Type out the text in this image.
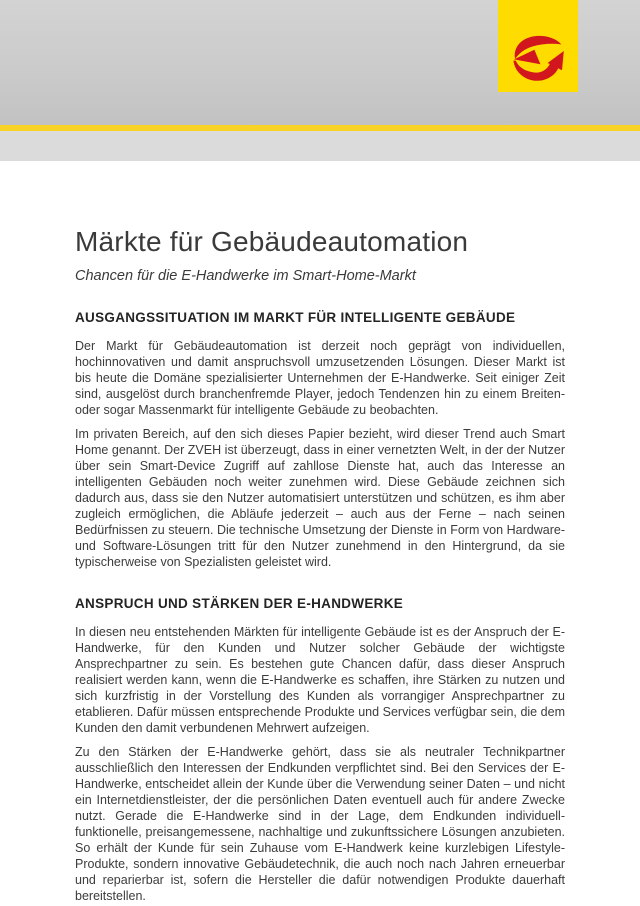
Märkte für Gebäudeautomation

Chancen für die E-Handwerke im Smart-Home-Markt

AUSGANGSSITUATION IM MARKT FÜR INTELLIGENTE GEBÄUDE

Der Markt für Gebäudeautomation ist derzeit noch geprägt von individuellen, hochinnovativen und damit anspruchsvoll umzusetzenden Lösungen. Dieser Markt ist bis heute die Domäne spezialisierter Unternehmen der E-Handwerke. Seit einiger Zeit sind, ausgelöst durch branchenfremde Player, jedoch Tendenzen hin zu einem Breiten- oder sogar Massenmarkt für intelligente Gebäude zu beobachten.

Im privaten Bereich, auf den sich dieses Papier bezieht, wird dieser Trend auch Smart Home genannt. Der ZVEH ist überzeugt, dass in einer vernetzten Welt, in der der Nutzer über sein Smart-Device Zugriff auf zahllose Dienste hat, auch das Interesse an intelligenten Gebäuden noch weiter zunehmen wird. Diese Gebäude zeichnen sich dadurch aus, dass sie den Nutzer automatisiert unterstützen und schützen, es ihm aber zugleich ermöglichen, die Abläufe jederzeit – auch aus der Ferne – nach seinen Bedürfnissen zu steuern. Die technische Umsetzung der Dienste in Form von Hardware- und Software-Lösungen tritt für den Nutzer zunehmend in den Hintergrund, da sie typischerweise von Spezialisten geleistet wird.

ANSPRUCH UND STÄRKEN DER E-HANDWERKE

In diesen neu entstehenden Märkten für intelligente Gebäude ist es der Anspruch der E-Handwerke, für den Kunden und Nutzer solcher Gebäude der wichtigste Ansprechpartner zu sein. Es bestehen gute Chancen dafür, dass dieser Anspruch realisiert werden kann, wenn die E-Handwerke es schaffen, ihre Stärken zu nutzen und sich kurzfristig in der Vorstellung des Kunden als vorrangiger Ansprechpartner zu etablieren. Dafür müssen entsprechende Produkte und Services verfügbar sein, die dem Kunden den damit verbundenen Mehrwert aufzeigen.

Zu den Stärken der E-Handwerke gehört, dass sie als neutraler Technikpartner ausschließlich den Interessen der Endkunden verpflichtet sind. Bei den Services der E-Handwerke, entscheidet allein der Kunde über die Verwendung seiner Daten – und nicht ein Internetdienstleister, der die persönlichen Daten eventuell auch für andere Zwecke nutzt. Gerade die E-Handwerke sind in der Lage, dem Endkunden individuell-funktionelle, preisangemessene, nachhaltige und zukunftssichere Lösungen anzubieten. So erhält der Kunde für sein Zuhause vom E-Handwerk keine kurzlebigen Lifestyle-Produkte, sondern innovative Gebäudetechnik, die auch noch nach Jahren erneuerbar und reparierbar ist, sofern die Hersteller die dafür notwendigen Produkte dauerhaft bereitstellen.
